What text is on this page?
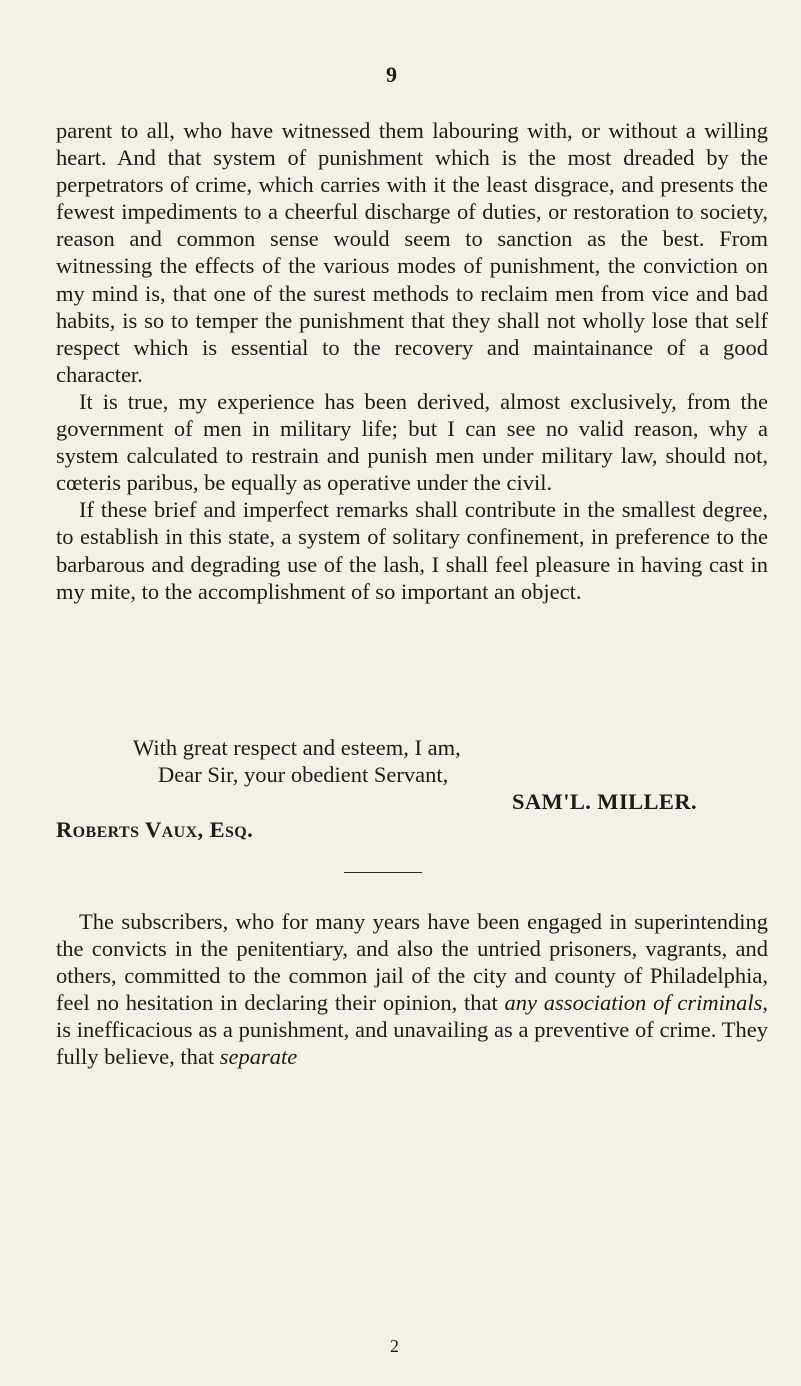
9

parent to all, who have witnessed them labouring with, or without a willing heart. And that system of punishment which is the most dreaded by the perpetrators of crime, which carries with it the least disgrace, and presents the fewest impediments to a cheerful discharge of duties, or restoration to society, reason and common sense would seem to sanction as the best. From witnessing the effects of the various modes of punishment, the conviction on my mind is, that one of the surest methods to reclaim men from vice and bad habits, is so to temper the punishment that they shall not wholly lose that self respect which is essential to the recovery and maintainance of a good character.

It is true, my experience has been derived, almost exclusively, from the government of men in military life; but I can see no valid reason, why a system calculated to restrain and punish men under military law, should not, cœteris paribus, be equally as operative under the civil.

If these brief and imperfect remarks shall contribute in the smallest degree, to establish in this state, a system of solitary confinement, in preference to the barbarous and degrading use of the lash, I shall feel pleasure in having cast in my mite, to the accomplishment of so important an object.

With great respect and esteem, I am,
Dear Sir, your obedient Servant,
SAM'L. MILLER.
Roberts Vaux, Esq.

The subscribers, who for many years have been engaged in superintending the convicts in the penitentiary, and also the untried prisoners, vagrants, and others, committed to the common jail of the city and county of Philadelphia, feel no hesitation in declaring their opinion, that any association of criminals, is inefficacious as a punishment, and unavailing as a preventive of crime. They fully believe, that separate

2
